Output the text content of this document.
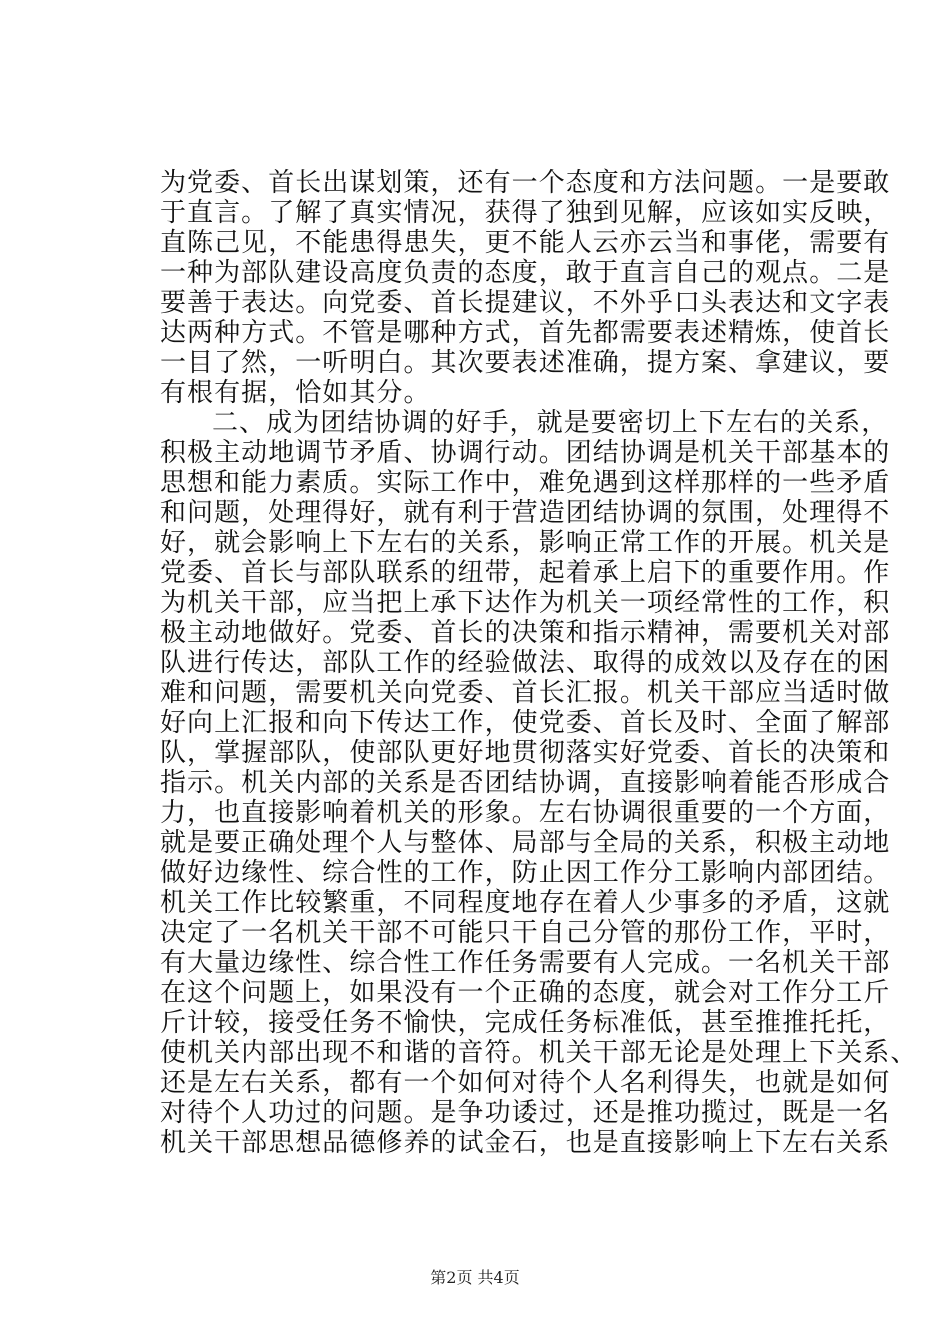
为党委、首长出谋划策，还有一个态度和方法问题。一是要敢
于直言。了解了真实情况，获得了独到见解，应该如实反映，
直陈己见，不能患得患失，更不能人云亦云当和事佬，需要有
一种为部队建设高度负责的态度，敢于直言自己的观点。二是
要善于表达。向党委、首长提建议，不外乎口头表达和文字表
达两种方式。不管是哪种方式，首先都需要表述精炼，使首长
一目了然，一听明白。其次要表述准确，提方案、拿建议，要
有根有据，恰如其分。
二、成为团结协调的好手，就是要密切上下左右的关系，
积极主动地调节矛盾、协调行动。团结协调是机关干部基本的
思想和能力素质。实际工作中，难免遇到这样那样的一些矛盾
和问题，处理得好，就有利于营造团结协调的氛围，处理得不
好，就会影响上下左右的关系，影响正常工作的开展。机关是
党委、首长与部队联系的纽带，起着承上启下的重要作用。作
为机关干部，应当把上承下达作为机关一项经常性的工作，积
极主动地做好。党委、首长的决策和指示精神，需要机关对部
队进行传达，部队工作的经验做法、取得的成效以及存在的困
难和问题，需要机关向党委、首长汇报。机关干部应当适时做
好向上汇报和向下传达工作，使党委、首长及时、全面了解部
队，掌握部队，使部队更好地贯彻落实好党委、首长的决策和
指示。机关内部的关系是否团结协调，直接影响着能否形成合
力，也直接影响着机关的形象。左右协调很重要的一个方面，
就是要正确处理个人与整体、局部与全局的关系，积极主动地
做好边缘性、综合性的工作，防止因工作分工影响内部团结。
机关工作比较繁重，不同程度地存在着人少事多的矛盾，这就
决定了一名机关干部不可能只干自己分管的那份工作，平时，
有大量边缘性、综合性工作任务需要有人完成。一名机关干部
在这个问题上，如果没有一个正确的态度，就会对工作分工斤
斤计较，接受任务不愉快，完成任务标准低，甚至推推托托，
使机关内部出现不和谐的音符。机关干部无论是处理上下关系、
还是左右关系，都有一个如何对待个人名利得失，也就是如何
对待个人功过的问题。是争功诿过，还是推功揽过，既是一名
机关干部思想品德修养的试金石，也是直接影响上下左右关系
第2页 共4页
